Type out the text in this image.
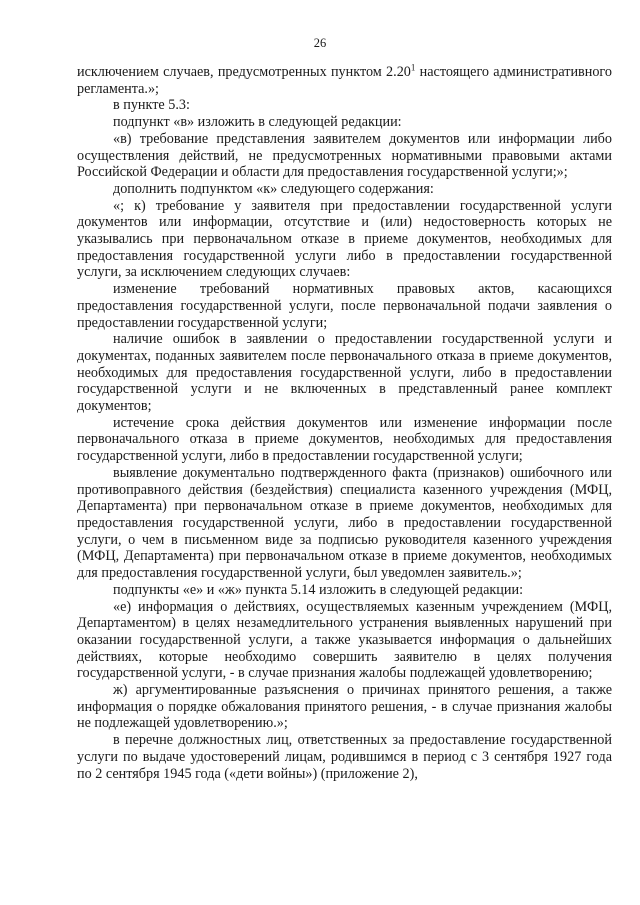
26

исключением случаев, предусмотренных пунктом 2.20$^1$ настоящего административного регламента.»;

в пункте 5.3:

подпункт «в» изложить в следующей редакции:

«в) требование представления заявителем документов или информации либо осуществления действий, не предусмотренных нормативными правовыми актами Российской Федерации и области для предоставления государственной услуги;»;

дополнить подпунктом «к» следующего содержания:

«; к) требование у заявителя при предоставлении государственной услуги документов или информации, отсутствие и (или) недостоверность которых не указывались при первоначальном отказе в приеме документов, необходимых для предоставления государственной услуги либо в предоставлении государственной услуги, за исключением следующих случаев:

изменение требований нормативных правовых актов, касающихся предоставления государственной услуги, после первоначальной подачи заявления о предоставлении государственной услуги;

наличие ошибок в заявлении о предоставлении государственной услуги и документах, поданных заявителем после первоначального отказа в приеме документов, необходимых для предоставления государственной услуги, либо в предоставлении государственной услуги и не включенных в представленный ранее комплект документов;

истечение срока действия документов или изменение информации после первоначального отказа в приеме документов, необходимых для предоставления государственной услуги, либо в предоставлении государственной услуги;

выявление документально подтвержденного факта (признаков) ошибочного или противоправного действия (бездействия) специалиста казенного учреждения (МФЦ, Департамента) при первоначальном отказе в приеме документов, необходимых для предоставления государственной услуги, либо в предоставлении государственной услуги, о чем в письменном виде за подписью руководителя казенного учреждения (МФЦ, Департамента) при первоначальном отказе в приеме документов, необходимых для предоставления государственной услуги, был уведомлен заявитель.»;

подпункты «е» и «ж» пункта 5.14 изложить в следующей редакции:

«е) информация о действиях, осуществляемых казенным учреждением (МФЦ, Департаментом) в целях незамедлительного устранения выявленных нарушений при оказании государственной услуги, а также указывается информация о дальнейших действиях, которые необходимо совершить заявителю в целях получения государственной услуги, - в случае признания жалобы подлежащей удовлетворению;

ж) аргументированные разъяснения о причинах принятого решения, а также информация о порядке обжалования принятого решения, - в случае признания жалобы не подлежащей удовлетворению.»;

в перечне должностных лиц, ответственных за предоставление государственной услуги по выдаче удостоверений лицам, родившимся в период с 3 сентября 1927 года по 2 сентября 1945 года («дети войны») (приложение 2),
